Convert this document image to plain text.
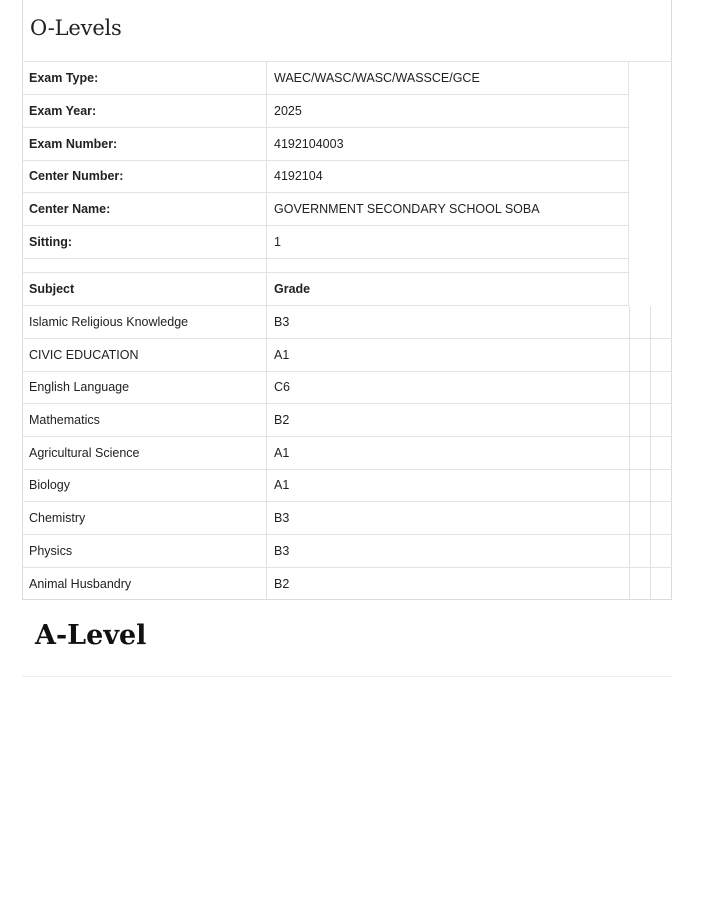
O-Levels
Exam Type:	WAEC/WASC/WASC/WASSCE/GCE
Exam Year:	2025
Exam Number:	4192104003
Center Number:	4192104
Center Name:	GOVERNMENT SECONDARY SCHOOL SOBA
Sitting:	1
Subject	Grade
Islamic Religious Knowledge	B3
CIVIC EDUCATION	A1
English Language	C6
Mathematics	B2
Agricultural Science	A1
Biology	A1
Chemistry	B3
Physics	B3
Animal Husbandry	B2
A-Level
